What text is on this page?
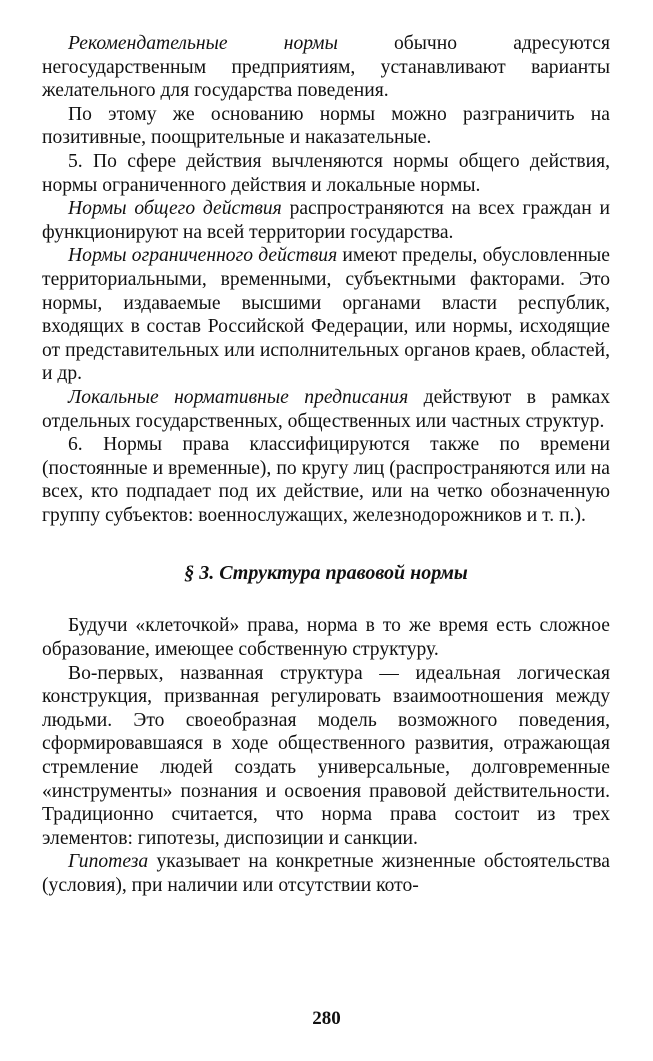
Рекомендательные нормы обычно адресуются негосударственным предприятиям, устанавливают варианты желательного для государства поведения.

По этому же основанию нормы можно разграничить на позитивные, поощрительные и наказательные.

5. По сфере действия вычленяются нормы общего действия, нормы ограниченного действия и локальные нормы.

Нормы общего действия распространяются на всех граждан и функционируют на всей территории государства.

Нормы ограниченного действия имеют пределы, обусловленные территориальными, временными, субъектными факторами. Это нормы, издаваемые высшими органами власти республик, входящих в состав Российской Федерации, или нормы, исходящие от представительных или исполнительных органов краев, областей, и др.

Локальные нормативные предписания действуют в рамках отдельных государственных, общественных или частных структур.

6. Нормы права классифицируются также по времени (постоянные и временные), по кругу лиц (распространяются или на всех, кто подпадает под их действие, или на четко обозначенную группу субъектов: военнослужащих, железнодорожников и т. п.).

§ 3. Структура правовой нормы

Будучи «клеточкой» права, норма в то же время есть сложное образование, имеющее собственную структуру.

Во-первых, названная структура — идеальная логическая конструкция, призванная регулировать взаимоотношения между людьми. Это своеобразная модель возможного поведения, сформировавшаяся в ходе общественного развития, отражающая стремление людей создать универсальные, долговременные «инструменты» познания и освоения правовой действительности. Традиционно считается, что норма права состоит из трех элементов: гипотезы, диспозиции и санкции.

Гипотеза указывает на конкретные жизненные обстоятельства (условия), при наличии или отсутствии кото-

280
